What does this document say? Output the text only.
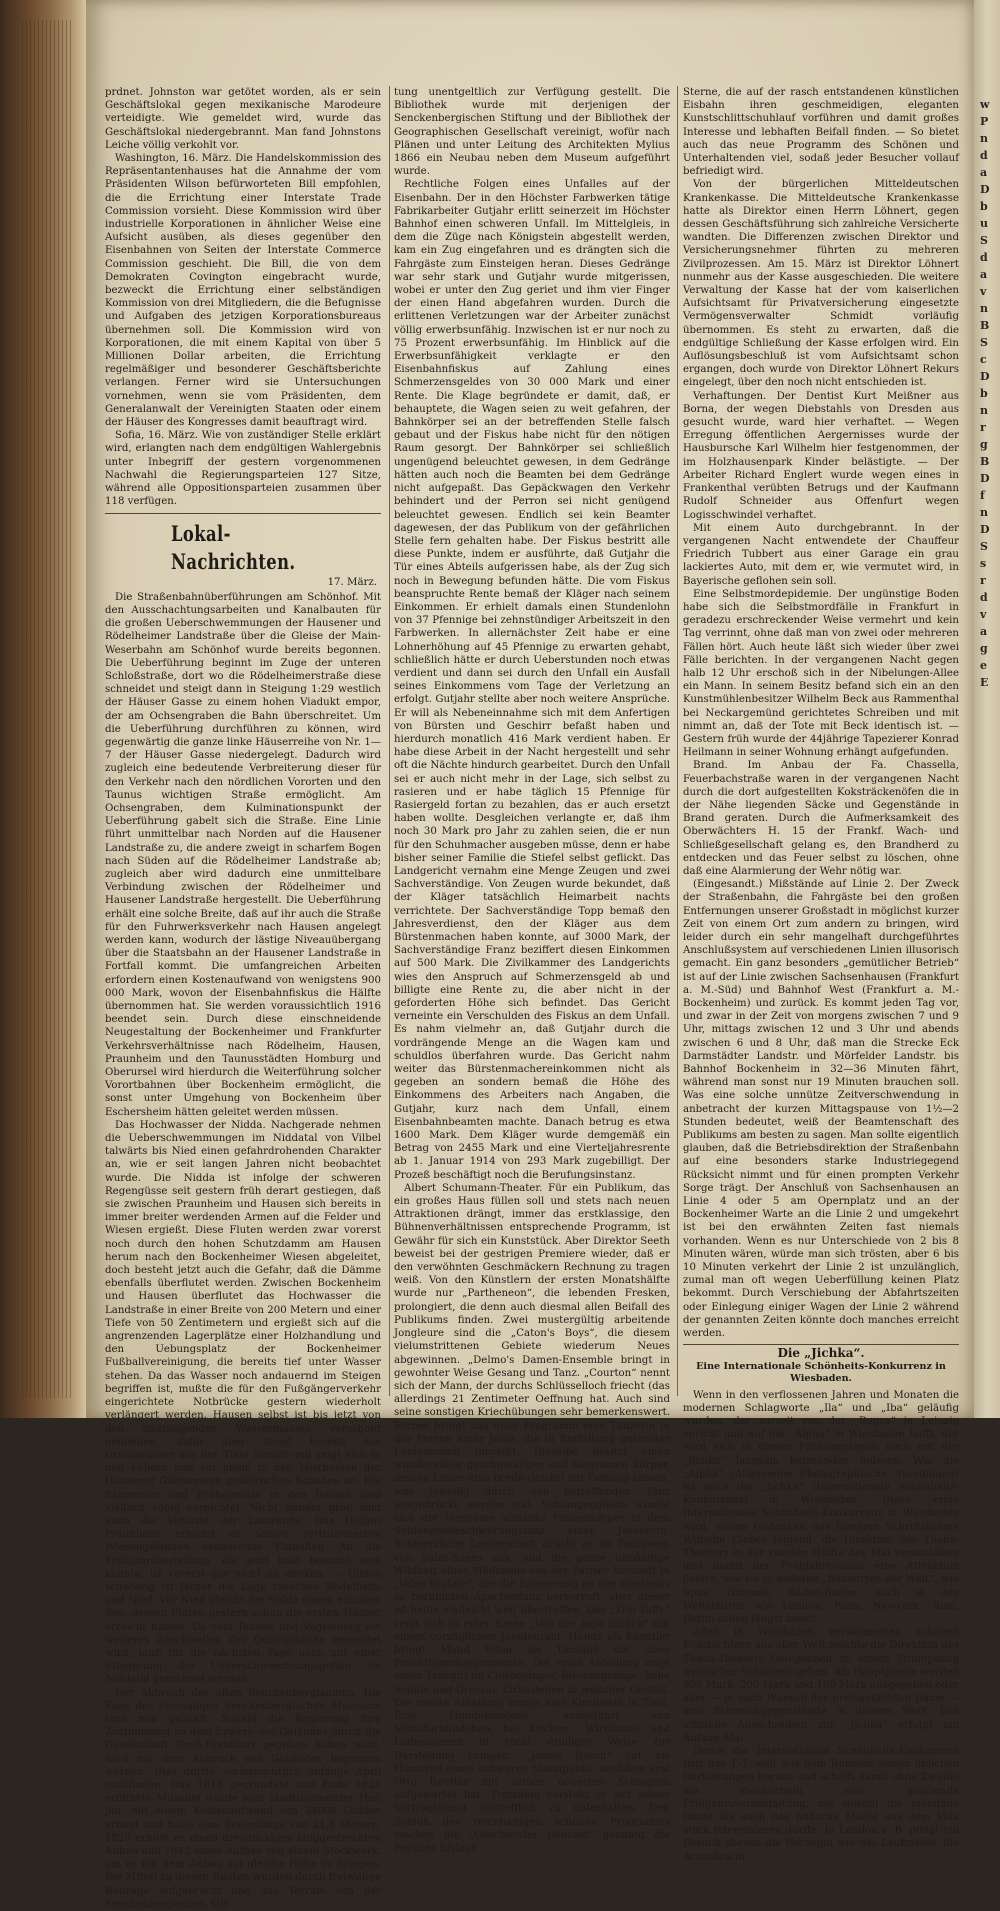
prdnet. Johnston war getötet worden, als er sein Geschäftslokal gegen mexikanische Marodeure verteidigte. Wie gemeldet wird, wurde das Geschäftslokal niedergebrannt. Man fand Johnstons Leiche völlig verkohlt vor.

Washington, 16. März. Die Handelskommission des Repräsentantenhauses hat die Annahme der vom Präsidenten Wilson befürworteten Bill empfohlen, die die Errichtung einer Interstate Trade Commission vorsieht. Diese Kommission wird über industrielle Korporationen in ähnlicher Weise eine Aufsicht ausüben, als dieses gegenüber den Eisenbahnen von Seiten der Interstate Commerce Commission geschieht. Die Bill, die von dem Demokraten Covington eingebracht wurde, bezweckt die Errichtung einer selbständigen Kommission von drei Mitgliedern, die die Befugnisse und Aufgaben des jetzigen Korporationsbureaus übernehmen soll. Die Kommission wird von Korporationen, die mit einem Kapital von über 5 Millionen Dollar arbeiten, die Errichtung regelmäßiger und besonderer Geschäftsberichte verlangen. Ferner wird sie Untersuchungen vornehmen, wenn sie vom Präsidenten, dem Generalanwalt der Vereinigten Staaten oder einem der Häuser des Kongresses damit beauftragt wird.

Sofia, 16. März. Wie von zuständiger Stelle erklärt wird, erlangten nach dem endgültigen Wahlergebnis unter Inbegriff der gestern vorgenommenen Nachwahl die Regierungsparteien 127 Sitze, während alle Oppositionsparteien zusammen über 118 verfügen.

Lokal-Nachrichten.
17. März.

Die Straßenbahnüberführungen am Schönhof. Mit den Ausschachtungsarbeiten und Kanalbauten für die großen Ueberschwemmungen der Hausener und Rödelheimer Landstraße über die Gleise der Main-Weserbahn am Schönhof wurde bereits begonnen. Die Ueberführung beginnt im Zuge der unteren Schloßstraße, dort wo die Rödelheimerstraße diese schneidet und steigt dann in Steigung 1:29 westlich der Häuser Gasse zu einem hohen Viadukt empor, der am Ochsengraben die Bahn überschreitet. Um die Ueberführung durchführen zu können, wird gegenwärtig die ganze linke Häuserreihe von Nr. 1—7 der Häuser Gasse niedergelegt. Dadurch wird zugleich eine bedeutende Verbreiterung dieser für den Verkehr nach den nördlichen Vororten und den Taunus wichtigen Straße ermöglicht. Am Ochsengraben, dem Kulminationspunkt der Ueberführung gabelt sich die Straße. Eine Linie führt unmittelbar nach Norden auf die Hausener Landstraße zu, die andere zweigt in scharfem Bogen nach Süden auf die Rödelheimer Landstraße ab; zugleich aber wird dadurch eine unmittelbare Verbindung zwischen der Rödelheimer und Hausener Landstraße hergestellt. Die Ueberführung erhält eine solche Breite, daß auf ihr auch die Straße für den Fuhrwerksverkehr nach Hausen angelegt werden kann, wodurch der lästige Niveauübergang über die Staatsbahn an der Hausener Landstraße in Fortfall kommt. Die umfangreichen Arbeiten erfordern einen Kostenaufwand von wenigstens 900 000 Mark, wovon der Eisenbahnfiskus die Hälfte übernommen hat. Sie werden voraussichtlich 1916 beendet sein. Durch diese einschneidende Neugestaltung der Bockenheimer und Frankfurter Verkehrsverhältnisse nach Rödelheim, Hausen, Praunheim und den Taunusstädten Homburg und Oberursel wird hierdurch die Weiterführung solcher Vorortbahnen über Bockenheim ermöglicht, die sonst unter Umgehung von Bockenheim über Eschersheim hätten geleitet werden müssen.

Das Hochwasser der Nidda. Nachgerade nehmen die Ueberschwemmungen im Niddatal von Vilbel talwärts bis Nied einen gefahrdrohenden Charakter an, wie er seit langen Jahren nicht beobachtet wurde. Die Nidda ist infolge der schweren Regengüsse seit gestern früh derart gestiegen, daß sie zwischen Praunheim und Hausen sich bereits in immer breiter werdenden Armen auf die Felder und Wiesen ergießt. Diese Fluten werden zwar vorerst noch durch den hohen Schutzdamm am Hausen herum nach den Bockenheimer Wiesen abgeleitet, doch besteht jetzt auch die Gefahr, daß die Dämme ebenfalls überflutet werden. Zwischen Bockenheim und Hausen überflutet das Hochwasser die Landstraße in einer Breite von 200 Metern und einer Tiefe von 50 Zentimetern und ergießt sich auf die angrenzenden Lagerplätze einer Holzhandlung und den Uebungsplatz der Bockenheimer Fußballvereinigung, die bereits tief unter Wasser stehen. Da das Wasser noch andauernd im Steigen begriffen ist, mußte die für den Fußgängerverkehr eingerichtete Notbrücke gestern wiederholt verlängert werden. Hausen selbst ist bis jetzt von den andrängenden Wassermassen verschont geblieben, dafür aber steigt bereits das Grundwasser aus der Tiefe herauf und zeigt sich in den Kellern und vor allem in den Mistbeeten der Hausener Gärtnereien gefährlichen Schaden an. Die Sämereien und Frühgemüse in den Beeten sind vielfach völlig vernichtet. Nicht minder groß sind auch die Verluste der Landwirte. Das Hofgut Praunheim erleidet an seinen zertrümmerten Wiesengeländen bedeutende Einbußen. An die Frühjahrsbestellung, die jetzt bald beendet sein konnte, ist vorerst gar nicht zu denken. — Gleich schwierig ist ferner die Lage zwischen Rödelheim und Nied. Vor Nied gleicht die Nidda einem einzigen See, dessen Fluten gestern schon die ersten Häuser erreicht hatten. Da vom Taunus und Vogelsberg ein weiteres Anschwellen der Gebirgsbäche gemeldet wird, muß für die nächsten Tage noch mit einer Steigerung der Ueberschwemmungsgefahr im Niddatal gerechnet werden.

Der Abbruch des alten Senckenbergianums. Die Tage des ehemaligen Senckenbergischen Museums sind nun gezählt. Sobald die Regierung ihre Zustimmung zu dem Erwerb des Geländes durch die Gesellschaft Groß-Frankfurt gegeben haben wird, wird mit dem Abbruch des Gebäudes begonnen werden. Dies dürfte voraussichtlich anfangs April stattfinden. Das 1818 gegründete und Ende 1821 eröffnete Museum wurde vom Stadtbaumeister Heß jun. mit einem Kostenaufwand von 34000 Gulden erbaut und hatte eine Seitenlänge von 21,6 Metern. 1828 erhielt es einen dreistöckigen langgestreckten Anbau und 1843 einen Aufbau von einem Stockwerk, um es mit dem Anbau auf gleiche Höhe zu bringen. Die Mittel zu diesen Bauten wurden durch freiwillige Beiträge aufgebracht und das Terrain von der Senckenbergischen Stif-

tung unentgeltlich zur Verfügung gestellt. Die Bibliothek wurde mit derjenigen der Senckenbergischen Stiftung und der Bibliothek der Geographischen Gesellschaft vereinigt, wofür nach Plänen und unter Leitung des Architekten Mylius 1866 ein Neubau neben dem Museum aufgeführt wurde.

Rechtliche Folgen eines Unfalles auf der Eisenbahn. Der in den Höchster Farbwerken tätige Fabrikarbeiter Gutjahr erlitt seinerzeit im Höchster Bahnhof einen schweren Unfall. Im Mittelgleis, in dem die Züge nach Königstein abgestellt werden, kam ein Zug eingefahren und es drängten sich die Fahrgäste zum Einsteigen heran. Dieses Gedränge war sehr stark und Gutjahr wurde mitgerissen, wobei er unter den Zug geriet und ihm vier Finger der einen Hand abgefahren wurden. Durch die erlittenen Verletzungen war der Arbeiter zunächst völlig erwerbsunfähig. Inzwischen ist er nur noch zu 75 Prozent erwerbsunfähig. Im Hinblick auf die Erwerbsunfähigkeit verklagte er den Eisenbahnfiskus auf Zahlung eines Schmerzensgeldes von 30 000 Mark und einer Rente. Die Klage begründete er damit, daß, er behauptete, die Wagen seien zu weit gefahren, der Bahnkörper sei an der betreffenden Stelle falsch gebaut und der Fiskus habe nicht für den nötigen Raum gesorgt. Der Bahnkörper sei schließlich ungenügend beleuchtet gewesen, in dem Gedränge hätten auch noch die Beamten bei dem Gedränge nicht aufgepaßt. Das Gepäckwagen den Verkehr behindert und der Perron sei nicht genügend beleuchtet gewesen. Endlich sei kein Beamter dagewesen, der das Publikum von der gefährlichen Stelle fern gehalten habe. Der Fiskus bestritt alle diese Punkte, indem er ausführte, daß Gutjahr die Tür eines Abteils aufgerissen habe, als der Zug sich noch in Bewegung befunden hätte. Die vom Fiskus beanspruchte Rente bemaß der Kläger nach seinem Einkommen. Er erhielt damals einen Stundenlohn von 37 Pfennige bei zehnstündiger Arbeitszeit in den Farbwerken. In allernächster Zeit habe er eine Lohnerhöhung auf 45 Pfennige zu erwarten gehabt, schließlich hätte er durch Ueberstunden noch etwas verdient und dann sei durch den Unfall ein Ausfall seines Einkommens vom Tage der Verletzung an erfolgt. Gutjahr stellte aber noch weitere Ansprüche. Er will als Nebeneinnahme sich mit dem Anfertigen von Bürsten und Geschirr befaßt haben und hierdurch monatlich 416 Mark verdient haben. Er habe diese Arbeit in der Nacht hergestellt und sehr oft die Nächte hindurch gearbeitet. Durch den Unfall sei er auch nicht mehr in der Lage, sich selbst zu rasieren und er habe täglich 15 Pfennige für Rasiergeld fortan zu bezahlen, das er auch ersetzt haben wollte. Desgleichen verlangte er, daß ihm noch 30 Mark pro Jahr zu zahlen seien, die er nun für den Schuhmacher ausgeben müsse, denn er habe bisher seiner Familie die Stiefel selbst geflickt. Das Landgericht vernahm eine Menge Zeugen und zwei Sachverständige. Von Zeugen wurde bekundet, daß der Kläger tatsächlich Heimarbeit nachts verrichtete. Der Sachverständige Topp bemaß den Jahresverdienst, den der Kläger aus dem Bürstenmachen haben konnte, auf 3000 Mark, der Sachverständige Franz beziffert diesen Einkommen auf 500 Mark. Die Zivilkammer des Landgerichts wies den Anspruch auf Schmerzensgeld ab und billigte eine Rente zu, die aber nicht in der geforderten Höhe sich befindet. Das Gericht verneinte ein Verschulden des Fiskus an dem Unfall. Es nahm vielmehr an, daß Gutjahr durch die vordrängende Menge an die Wagen kam und schuldlos überfahren wurde. Das Gericht nahm weiter das Bürstenmachereinkommen nicht als gegeben an sondern bemaß die Höhe des Einkommens des Arbeiters nach Angaben, die Gutjahr, kurz nach dem Unfall, einem Eisenbahnbeamten machte. Danach betrug es etwa 1600 Mark. Dem Kläger wurde demgemäß ein Betrag von 2455 Mark und eine Vierteljahresrente ab 1. Januar 1914 von 293 Mark zugebilligt. Der Prozeß beschäftigt noch die Berufungsinstanz.

Albert Schumann-Theater. Für ein Publikum, das ein großes Haus füllen soll und stets nach neuen Attraktionen drängt, immer das erstklassige, den Bühnenverhältnissen entsprechende Programm, ist Gewähr für sich ein Kunststück. Aber Direktor Seeth beweist bei der gestrigen Premiere wieder, daß er den verwöhnten Geschmäckern Rechnung zu tragen weiß. Von den Künstlern der ersten Monatshälfte wurde nur „Partheneon“, die lebenden Fresken, prolongiert, die denn auch diesmal allen Beifall des Publikums finden. Zwei mustergültig arbeitende Jongleure sind die „Caton's Boys“, die diesem vielumstrittenen Gebiete wiederum Neues abgewinnen. „Delmo's Damen-Ensemble bringt in gewohnter Weise Gesang und Tanz. „Courton“ nennt sich der Mann, der durchs Schlüsselloch friecht (das allerdings 21 Zentimeter Oeffnung hat. Auch sind seine sonstigen Kriechübungen sehr bemerkenswert. Ferner bringt das neue Programm eine Tänzerin in der Person einer Joela, die in Entfaltung getanzter Leidenschaft hinreißt. Dieselbe besitzt einen wundervoller geschmeidigen und biegsamen Körper, dessen Linien eine breite (leicht) zur Geltung kamen, was jeweilig durch den betreffenden Tanz ausgedrückt werden soll. Schlangengleich windet sich der biegsame schlanke Frauenkörper in dem Schlangenbeschwörungstanz einer Javanerin. Schmerzliche Leidenschaft drückt er im Tanzpoem von Saint-Saens aus, und die ganze unbändige Wildheit eines Mädchens aus der Pariser Vorstadt in „Valse brutale“, der die Erinnerung an den einstmals so berühmten Apachentanz hervorruft, aber dieser ist heute vielleicht weit übertroffen. Das „Trio Taffy“ zeigt sich in einer Szene „Von der Jagd zurück“ mit einem vorzüglichen Jongleurakt. Hunde als Künstler bringt Maud Elton als Tanzgirl mit ihrer Prachttigerdoggenmeute. Die erste Abteilung zeigt einen Tanzgirl im Cowboylager, Riesensprünge, hohe Schule und Dressur, Zirkusleben in jeglicher Gestalt. Die zweite Abteilung bringt eine Kirchweih in Tirol. Eine Hundekomödie, ausgeführt von Miniaturhündchen, bei Kirchen-, Wirtshaus- und Liebesszenen in recht drolliger Weise zur Darstellung bringen. „James Basch“ hat als Humorist einen schweren Standpunkt, nachdem erst Otto Reutter mit seinen neuesten Schlagern aufgewartet hat. Trotzdem versteht er mit seiner Vortragskunst vortrefflich zu unterhalten. Den Schluß des reichhaltigen schönen Programms machen die „Geschwister Jainczet“ genannt die Berliner Eislauf-

Sterne, die auf der rasch entstandenen künstlichen Eisbahn ihren geschmeidigen, eleganten Kunstschlittschuhlauf vorführen und damit großes Interesse und lebhaften Beifall finden. — So bietet auch das neue Programm des Schönen und Unterhaltenden viel, sodaß jeder Besucher vollauf befriedigt wird.

Von der bürgerlichen Mitteldeutschen Krankenkasse. Die Mitteldeutsche Krankenkasse hatte als Direktor einen Herrn Löhnert, gegen dessen Geschäftsführung sich zahlreiche Versicherte wandten. Die Differenzen zwischen Direktor und Versicherungsnehmer führten zu mehreren Zivilprozessen. Am 15. März ist Direktor Löhnert nunmehr aus der Kasse ausgeschieden. Die weitere Verwaltung der Kasse hat der vom kaiserlichen Aufsichtsamt für Privatversicherung eingesetzte Vermögensverwalter Schmidt vorläufig übernommen. Es steht zu erwarten, daß die endgültige Schließung der Kasse erfolgen wird. Ein Auflösungsbeschluß ist vom Aufsichtsamt schon ergangen, doch wurde von Direktor Löhnert Rekurs eingelegt, über den noch nicht entschieden ist.

Verhaftungen. Der Dentist Kurt Meißner aus Borna, der wegen Diebstahls von Dresden aus gesucht wurde, ward hier verhaftet. — Wegen Erregung öffentlichen Aergernisses wurde der Hausbursche Karl Wilhelm hier festgenommen, der im Holzhausenpark Kinder belästigte. — Der Arbeiter Richard Englert wurde wegen eines in Frankenthal verübten Betrugs und der Kaufmann Rudolf Schneider aus Offenfurt wegen Logisschwindel verhaftet.

Mit einem Auto durchgebrannt. In der vergangenen Nacht entwendete der Chauffeur Friedrich Tubbert aus einer Garage ein grau lackiertes Auto, mit dem er, wie vermutet wird, in Bayerische geflohen sein soll.

Eine Selbstmordepidemie. Der ungünstige Boden habe sich die Selbstmordfälle in Frankfurt in geradezu erschreckender Weise vermehrt und kein Tag verrinnt, ohne daß man von zwei oder mehreren Fällen hört. Auch heute läßt sich wieder über zwei Fälle berichten. In der vergangenen Nacht gegen halb 12 Uhr erschoß sich in der Nibelungen-Allee ein Mann. In seinem Besitz befand sich ein an den Kunstmühlenbesitzer Wilhelm Beck aus Rammenthal bei Neckargemünd gerichtetes Schreiben und mit nimmt an, daß der Tote mit Beck identisch ist. — Gestern früh wurde der 44jährige Tapezierer Konrad Heilmann in seiner Wohnung erhängt aufgefunden.

Brand. Im Anbau der Fa. Chassella, Feuerbachstraße waren in der vergangenen Nacht durch die dort aufgestellten Koksträckenöfen die in der Nähe liegenden Säcke und Gegenstände in Brand geraten. Durch die Aufmerksamkeit des Oberwächters H. 15 der Frankf. Wach- und Schließgesellschaft gelang es, den Brandherd zu entdecken und das Feuer selbst zu löschen, ohne daß eine Alarmierung der Wehr nötig war.

(Eingesandt.) Mißstände auf Linie 2. Der Zweck der Straßenbahn, die Fahrgäste bei den großen Entfernungen unserer Großstadt in möglichst kurzer Zeit von einem Ort zum andern zu bringen, wird leider durch ein sehr mangelhaft durchgeführtes Anschlußsystem auf verschiedenen Linien illusorisch gemacht. Ein ganz besonders „gemütlicher Betrieb“ ist auf der Linie zwischen Sachsenhausen (Frankfurt a. M.-Süd) und Bahnhof West (Frankfurt a. M.-Bockenheim) und zurück. Es kommt jeden Tag vor, und zwar in der Zeit von morgens zwischen 7 und 9 Uhr, mittags zwischen 12 und 3 Uhr und abends zwischen 6 und 8 Uhr, daß man die Strecke Eck Darmstädter Landstr. und Mörfelder Landstr. bis Bahnhof Bockenheim in 32—36 Minuten fährt, während man sonst nur 19 Minuten brauchen soll. Was eine solche unnütze Zeitverschwendung in anbetracht der kurzen Mittagspause von 1½—2 Stunden bedeutet, weiß der Beamtenschaft des Publikums am besten zu sagen. Man sollte eigentlich glauben, daß die Betriebsdirektion der Straßenbahn auf eine besonders starke Industriegegend Rücksicht nimmt und für einen prompten Verkehr Sorge trägt. Der Anschluß von Sachsenhausen an Linie 4 oder 5 am Opernplatz und an der Bockenheimer Warte an die Linie 2 und umgekehrt ist bei den erwähnten Zeiten fast niemals vorhanden. Wenn es nur Unterschiede von 2 bis 8 Minuten wären, würde man sich trösten, aber 6 bis 10 Minuten verkehrt der Linie 2 ist unzulänglich, zumal man oft wegen Ueberfüllung keinen Platz bekommt. Durch Verschiebung der Abfahrtszeiten oder Einlegung einiger Wagen der Linie 2 während der genannten Zeiten könnte doch manches erreicht werden.

Die „Jichka“.
Eine Internationale Schönheits-Konkurrenz in Wiesbaden.

Wenn in den verflossenen Jahren und Monaten die modernen Schlagworte „Ila“ und „Iba“ geläufig wurden, der zurzeit von der „Bugra“ in Leipzig spricht und auf die „Alpha“ in Wiesbaden hofft, der wird sich in diesen Frühlingstagen auch mit der „Jichka“ langsam befreunden müssen. Wie die „Alpha“ (Allgemeine Photographische Ausstellung) ist auch die „Jichka“ (Internationale Schönheits-Konkurrenz) in Wiesbaden. Diese erste Internationale Schönheits-Konkurrenz in Wiesbaden wird, einem Gedanken des hiesigen Schriftstellers Wilhelm Clobes folgend, die Direktion des Thalia-Theaters in der zweiten Hälfte des Mai veranstalten und damit der Frühjahrssaison eine Attraktion liefern, wie sie in anderen „Badeorten der Welt“, wie Spaa, Ostende, Baden-Baden, auch in den Weltstädten wie London, Paris, Newyork, Rom, Berlin schon längst kennt.

Allen in Wiesbaden versammelten schönen Evastöchtern aus aller Welt möchte die Direktion des Thalia-Theaters Gelegenheit zu einem Triumphzug weiblicher Schönheit geben. Als Hauptpreise werden 300 Mark, 200 Mark und 100 Mark ausgegeben oder aber — je nach Wunsch der preisgekrönten Dame — drei Schmuckgegenstände in diesem Wert. Das offizielle Ausschreiben zur „Jichka“ erfolgt am Anfang Mai.

Durch die Internationale Schönheits-Konkurrenz tritt das T.-T. weit aus dem Rahmen seiner üblichen Darbietungen heraus und schafft damit ohne Zweifel die Weltkurhabt eine glänzende Frühjahrsveranstaltung, die sowohl die mondäne Dame als auch das hübsche Mädel aus dem Volk stark interessieren dürfte. In London z. B. pflegt ein Besuch ebenso die Herzogin wie das Laufmädel, die Aristokratin

w
P
n
d
a
D
b
u
S
d
a
v
n
B
S
c
D
b
n
r
g
B
D
f
n
D
S
s
r
d
v
a
g
e
E
